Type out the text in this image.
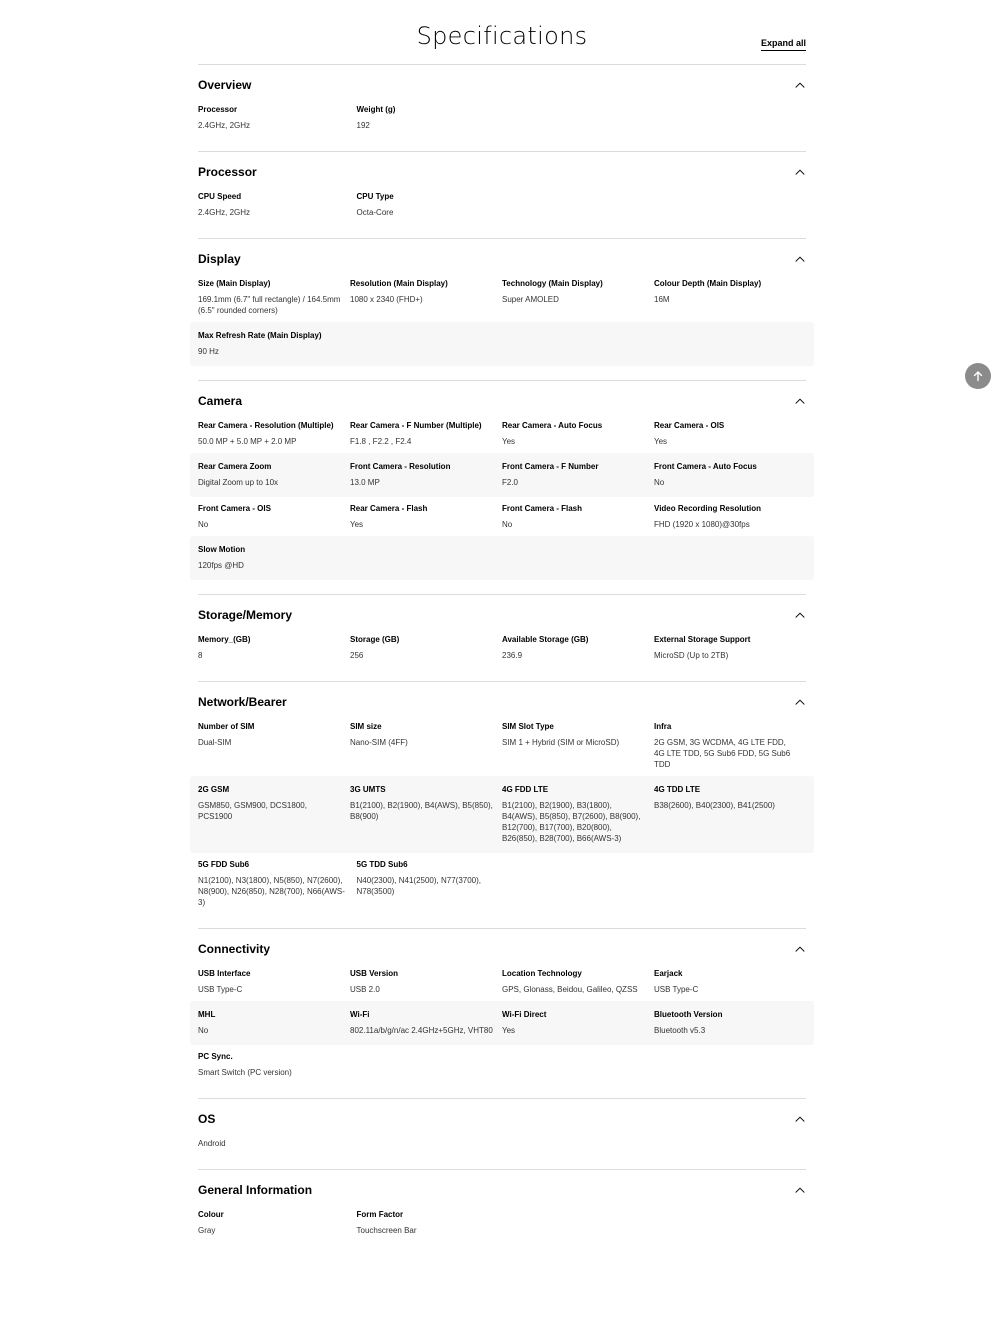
Specifications	Expand all
Overview
Processor
2.4GHz, 2GHz
Weight (g)
192
Processor
CPU Speed
2.4GHz, 2GHz
CPU Type
Octa-Core
Display
Size (Main Display)
169.1mm (6.7" full rectangle) / 164.5mm (6.5" rounded corners)
Resolution (Main Display)
1080 x 2340 (FHD+)
Technology (Main Display)
Super AMOLED
Colour Depth (Main Display)
16M
Max Refresh Rate (Main Display)
90 Hz
Camera
Rear Camera - Resolution (Multiple)
50.0 MP + 5.0 MP + 2.0 MP
Rear Camera - F Number (Multiple)
F1.8 , F2.2 , F2.4
Rear Camera - Auto Focus
Yes
Rear Camera - OIS
Yes
Rear Camera Zoom
Digital Zoom up to 10x
Front Camera - Resolution
13.0 MP
Front Camera - F Number
F2.0
Front Camera - Auto Focus
No
Front Camera - OIS
No
Rear Camera - Flash
Yes
Front Camera - Flash
No
Video Recording Resolution
FHD (1920 x 1080)@30fps
Slow Motion
120fps @HD
Storage/Memory
Memory_(GB)
8
Storage (GB)
256
Available Storage (GB)
236.9
External Storage Support
MicroSD (Up to 2TB)
Network/Bearer
Number of SIM
Dual-SIM
SIM size
Nano-SIM (4FF)
SIM Slot Type
SIM 1 + Hybrid (SIM or MicroSD)
Infra
2G GSM, 3G WCDMA, 4G LTE FDD, 4G LTE TDD, 5G Sub6 FDD, 5G Sub6 TDD
2G GSM
GSM850, GSM900, DCS1800, PCS1900
3G UMTS
B1(2100), B2(1900), B4(AWS), B5(850), B8(900)
4G FDD LTE
B1(2100), B2(1900), B3(1800), B4(AWS), B5(850), B7(2600), B8(900), B12(700), B17(700), B20(800), B26(850), B28(700), B66(AWS-3)
4G TDD LTE
B38(2600), B40(2300), B41(2500)
5G FDD Sub6
N1(2100), N3(1800), N5(850), N7(2600), N8(900), N26(850), N28(700), N66(AWS-3)
5G TDD Sub6
N40(2300), N41(2500), N77(3700), N78(3500)
Connectivity
USB Interface
USB Type-C
USB Version
USB 2.0
Location Technology
GPS, Glonass, Beidou, Galileo, QZSS
Earjack
USB Type-C
MHL
No
Wi-Fi
802.11a/b/g/n/ac 2.4GHz+5GHz, VHT80
Wi-Fi Direct
Yes
Bluetooth Version
Bluetooth v5.3
PC Sync.
Smart Switch (PC version)
OS
Android
General Information
Colour
Gray
Form Factor
Touchscreen Bar
